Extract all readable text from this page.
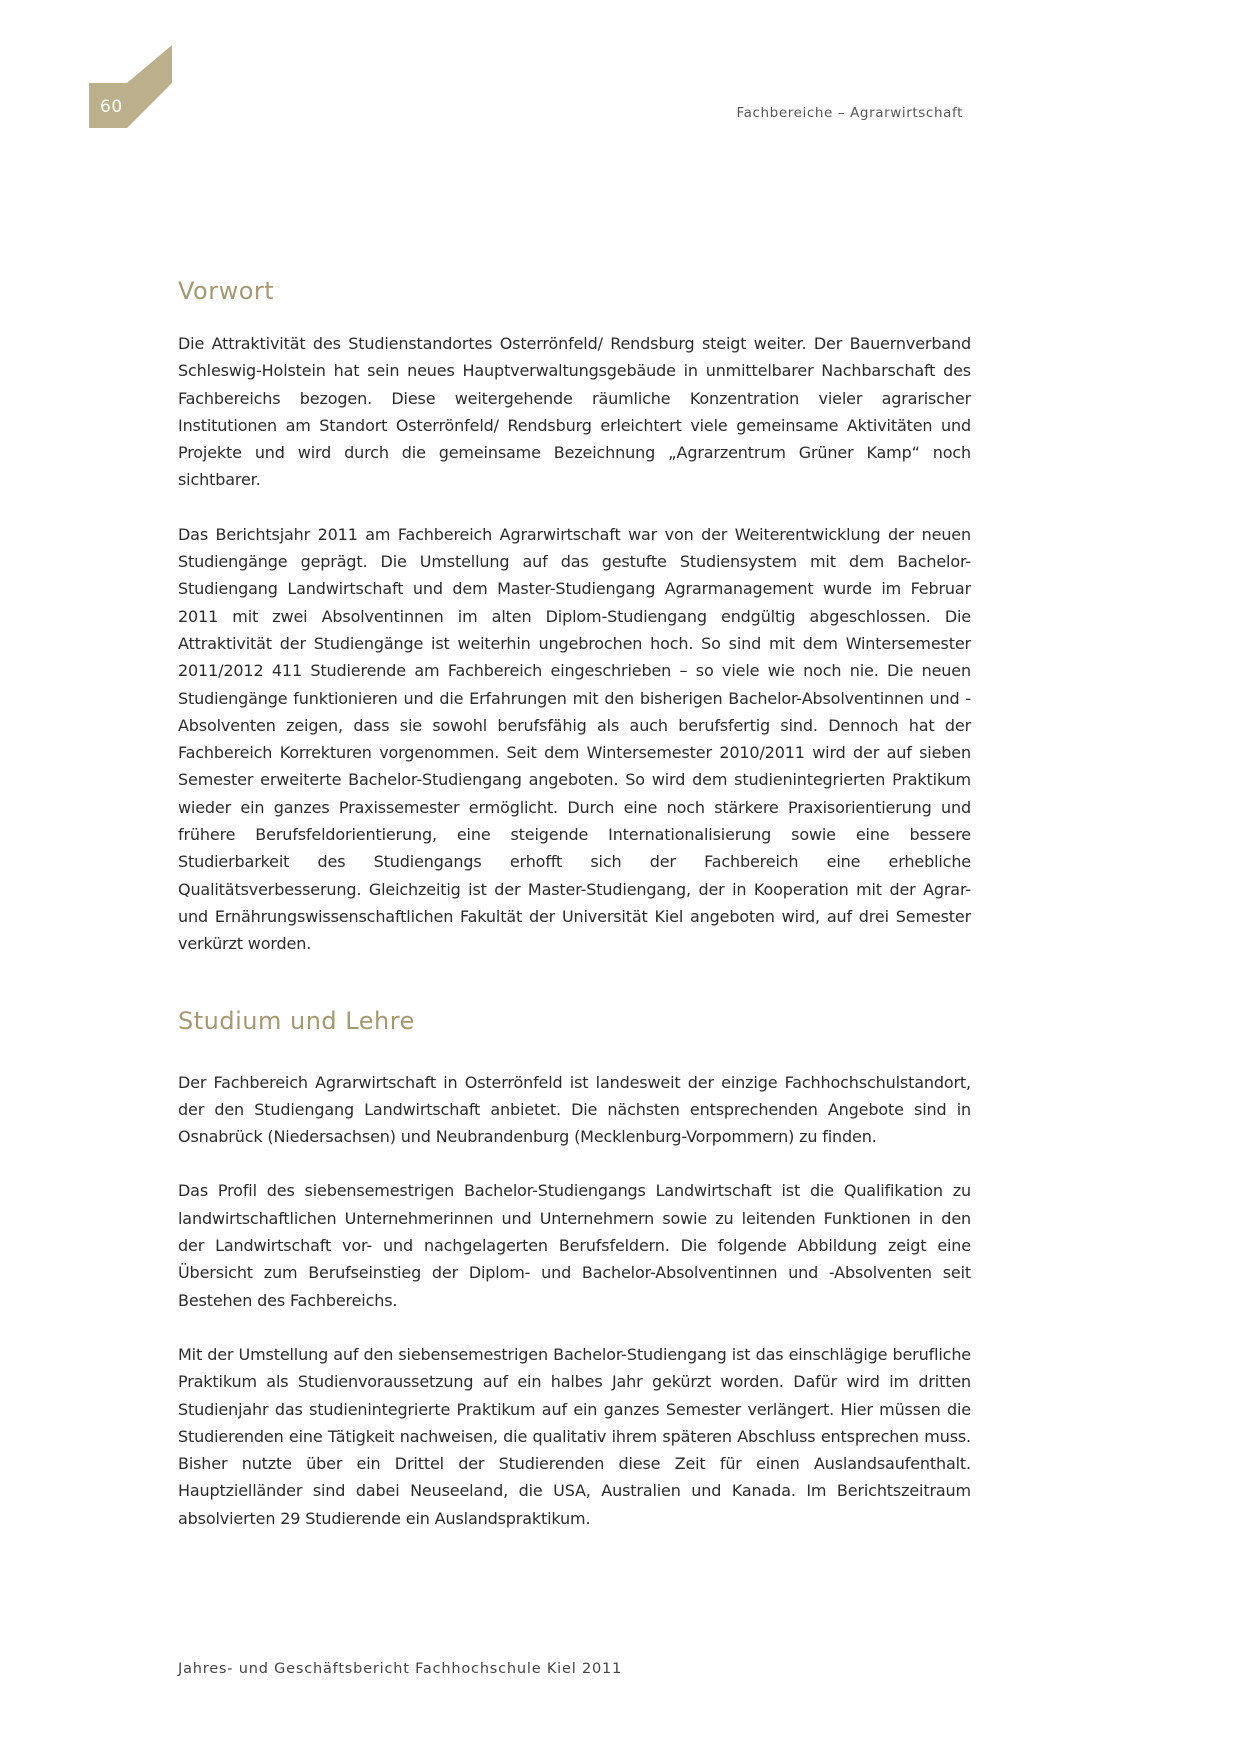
60	Fachbereiche – Agrarwirtschaft
Vorwort

Die Attraktivität des Studienstandortes Osterrönfeld/ Rendsburg steigt weiter. Der Bauernverband Schleswig-Holstein hat sein neues Hauptverwaltungsgebäude in unmittelbarer Nachbarschaft des Fachbereichs bezogen. Diese weitergehende räumliche Konzentration vieler agrarischer Institutionen am Standort Osterrönfeld/ Rendsburg erleichtert viele gemeinsame Aktivitäten und Projekte und wird durch die gemeinsame Bezeichnung „Agrarzentrum Grüner Kamp“ noch sichtbarer.

Das Berichtsjahr 2011 am Fachbereich Agrarwirtschaft war von der Weiterentwicklung der neuen Studiengänge geprägt. Die Umstellung auf das gestufte Studiensystem mit dem Bachelor-Studiengang Landwirtschaft und dem Master-Studiengang Agrarmanagement wurde im Februar 2011 mit zwei Absolventinnen im alten Diplom-Studiengang endgültig abgeschlossen. Die Attraktivität der Studiengänge ist weiterhin ungebrochen hoch. So sind mit dem Wintersemester 2011/2012 411 Studierende am Fachbereich eingeschrieben – so viele wie noch nie. Die neuen Studiengänge funktionieren und die Erfahrungen mit den bisherigen Bachelor-Absolventinnen und -Absolventen zeigen, dass sie sowohl berufsfähig als auch berufsfertig sind. Dennoch hat der Fachbereich Korrekturen vorgenommen. Seit dem Wintersemester 2010/2011 wird der auf sieben Semester erweiterte Bachelor-Studiengang angeboten. So wird dem studienintegrierten Praktikum wieder ein ganzes Praxissemester ermöglicht. Durch eine noch stärkere Praxisorientierung und frühere Berufsfeldorientierung, eine steigende Internationalisierung sowie eine bessere Studierbarkeit des Studiengangs erhofft sich der Fachbereich eine erhebliche Qualitätsverbesserung. Gleichzeitig ist der Master-Studiengang, der in Kooperation mit der Agrar- und Ernährungswissenschaftlichen Fakultät der Universität Kiel angeboten wird, auf drei Semester verkürzt worden.

Studium und Lehre

Der Fachbereich Agrarwirtschaft in Osterrönfeld ist landesweit der einzige Fachhochschulstandort, der den Studiengang Landwirtschaft anbietet. Die nächsten entsprechenden Angebote sind in Osnabrück (Niedersachsen) und Neubrandenburg (Mecklenburg-Vorpommern) zu finden.

Das Profil des siebensemestrigen Bachelor-Studiengangs Landwirtschaft ist die Qualifikation zu landwirtschaftlichen Unternehmerinnen und Unternehmern sowie zu leitenden Funktionen in den der Landwirtschaft vor- und nachgelagerten Berufsfeldern. Die folgende Abbildung zeigt eine Übersicht zum Berufseinstieg der Diplom- und Bachelor-Absolventinnen und -Absolventen seit Bestehen des Fachbereichs.

Mit der Umstellung auf den siebensemestrigen Bachelor-Studiengang ist das einschlägige berufliche Praktikum als Studienvoraussetzung auf ein halbes Jahr gekürzt worden. Dafür wird im dritten Studienjahr das studienintegrierte Praktikum auf ein ganzes Semester verlängert. Hier müssen die Studierenden eine Tätigkeit nachweisen, die qualitativ ihrem späteren Abschluss entsprechen muss. Bisher nutzte über ein Drittel der Studierenden diese Zeit für einen Auslandsaufenthalt. Hauptzielländer sind dabei Neuseeland, die USA, Australien und Kanada. Im Berichtszeitraum absolvierten 29 Studierende ein Auslandspraktikum.

Jahres- und Geschäftsbericht Fachhochschule Kiel 2011
